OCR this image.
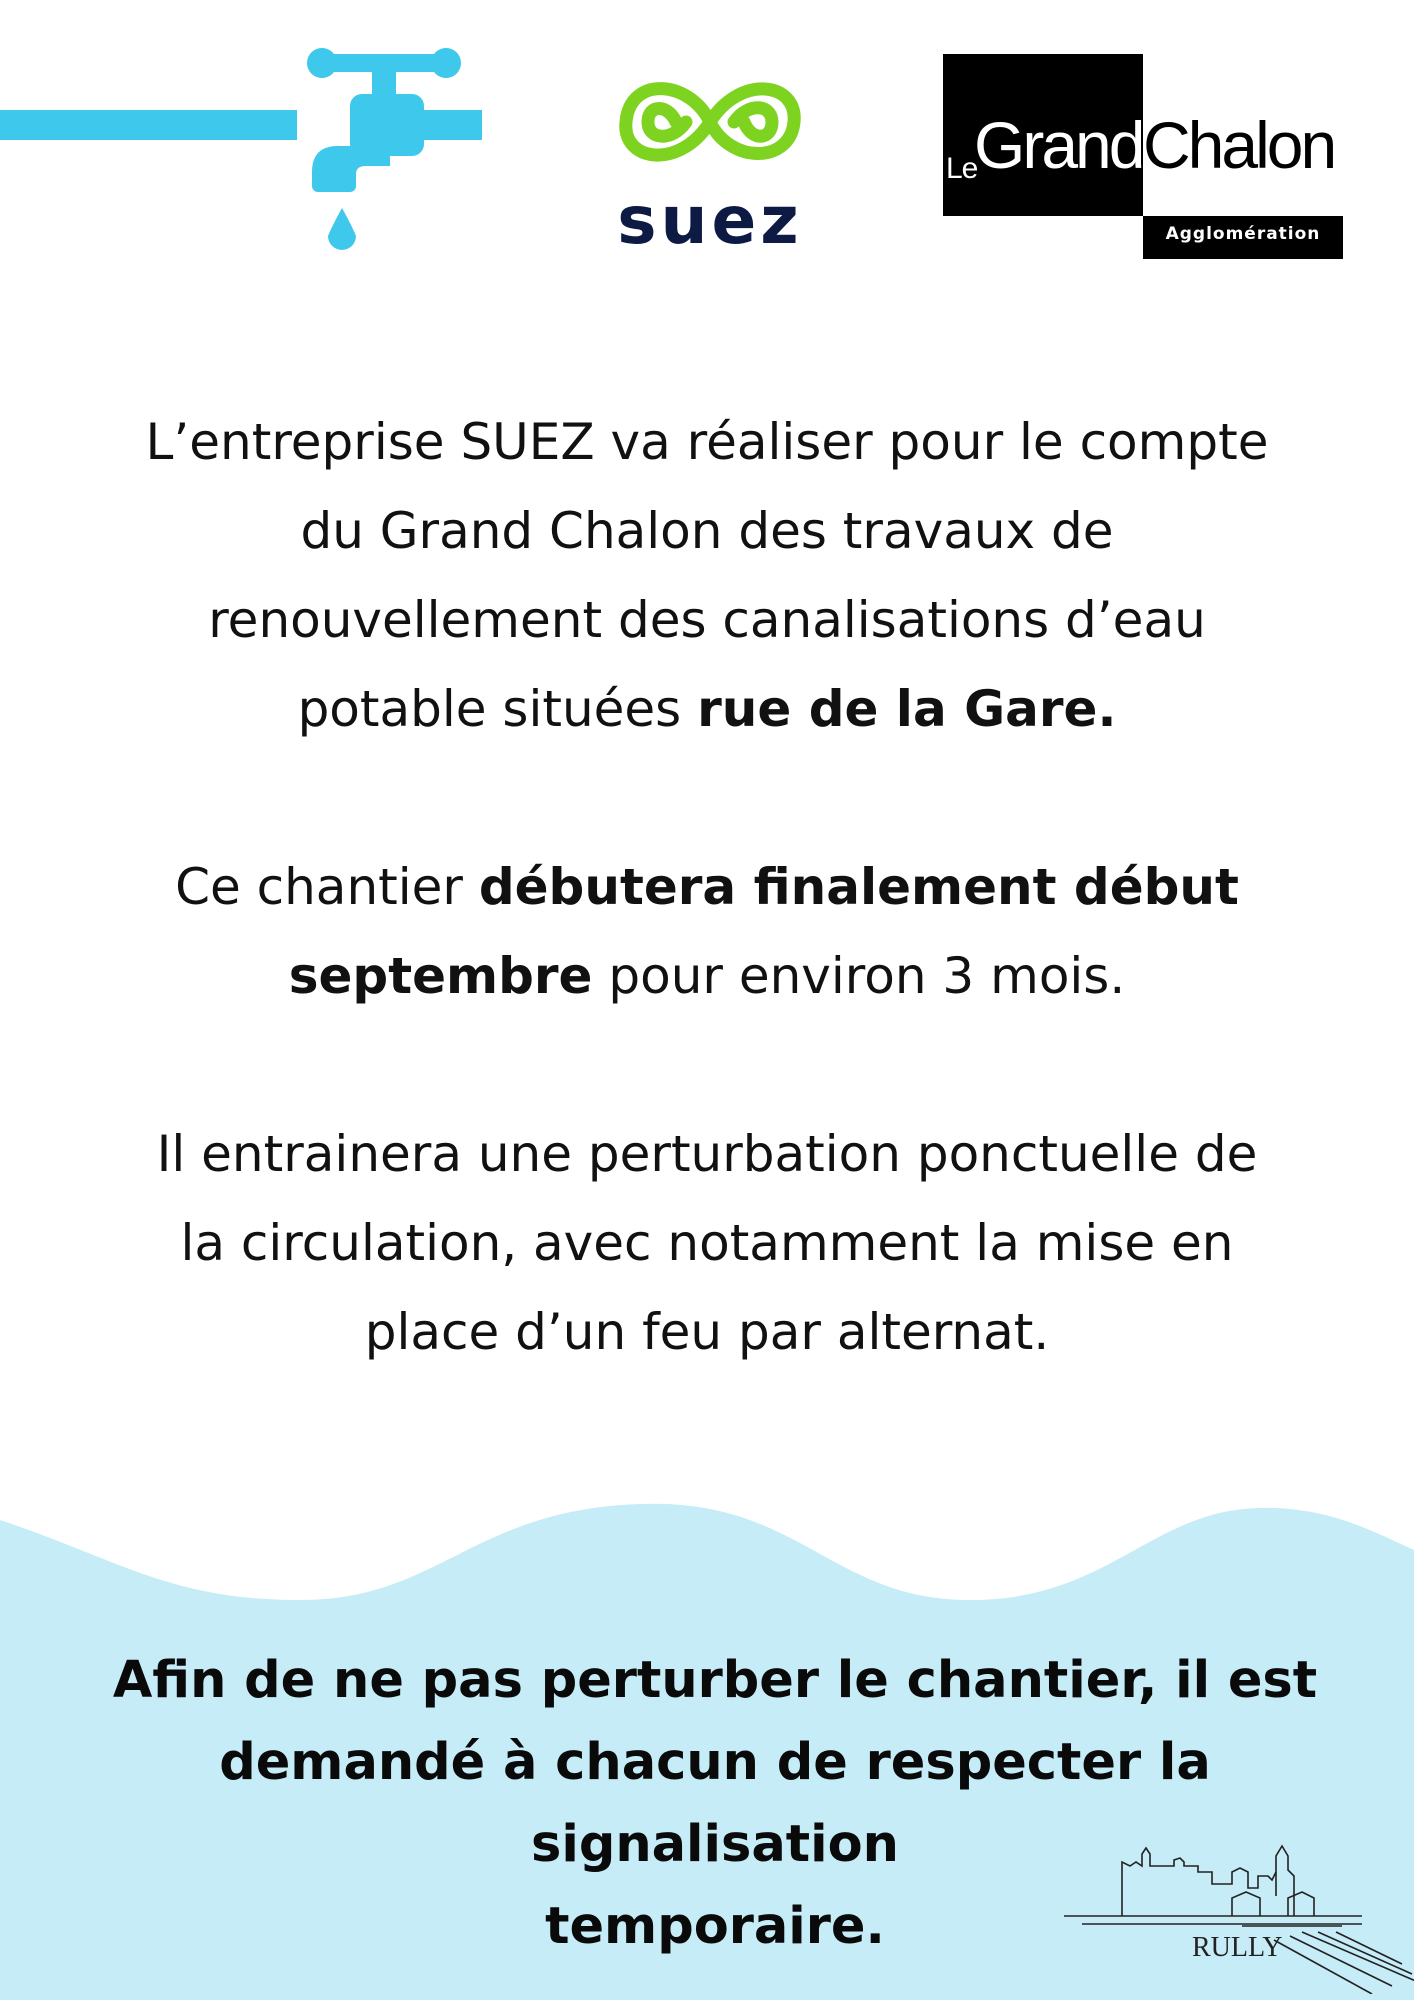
suez
Le
Grand Chalon
Agglomération

L’entreprise SUEZ va réaliser pour le compte
du Grand Chalon des travaux de
renouvellement des canalisations d’eau
potable situées rue de la Gare.

Ce chantier débutera finalement début
septembre pour environ 3 mois.

Il entrainera une perturbation ponctuelle de
la circulation, avec notamment la mise en
place d’un feu par alternat.

Afin de ne pas perturber le chantier, il est
demandé à chacun de respecter la signalisation
temporaire.	RULLY
